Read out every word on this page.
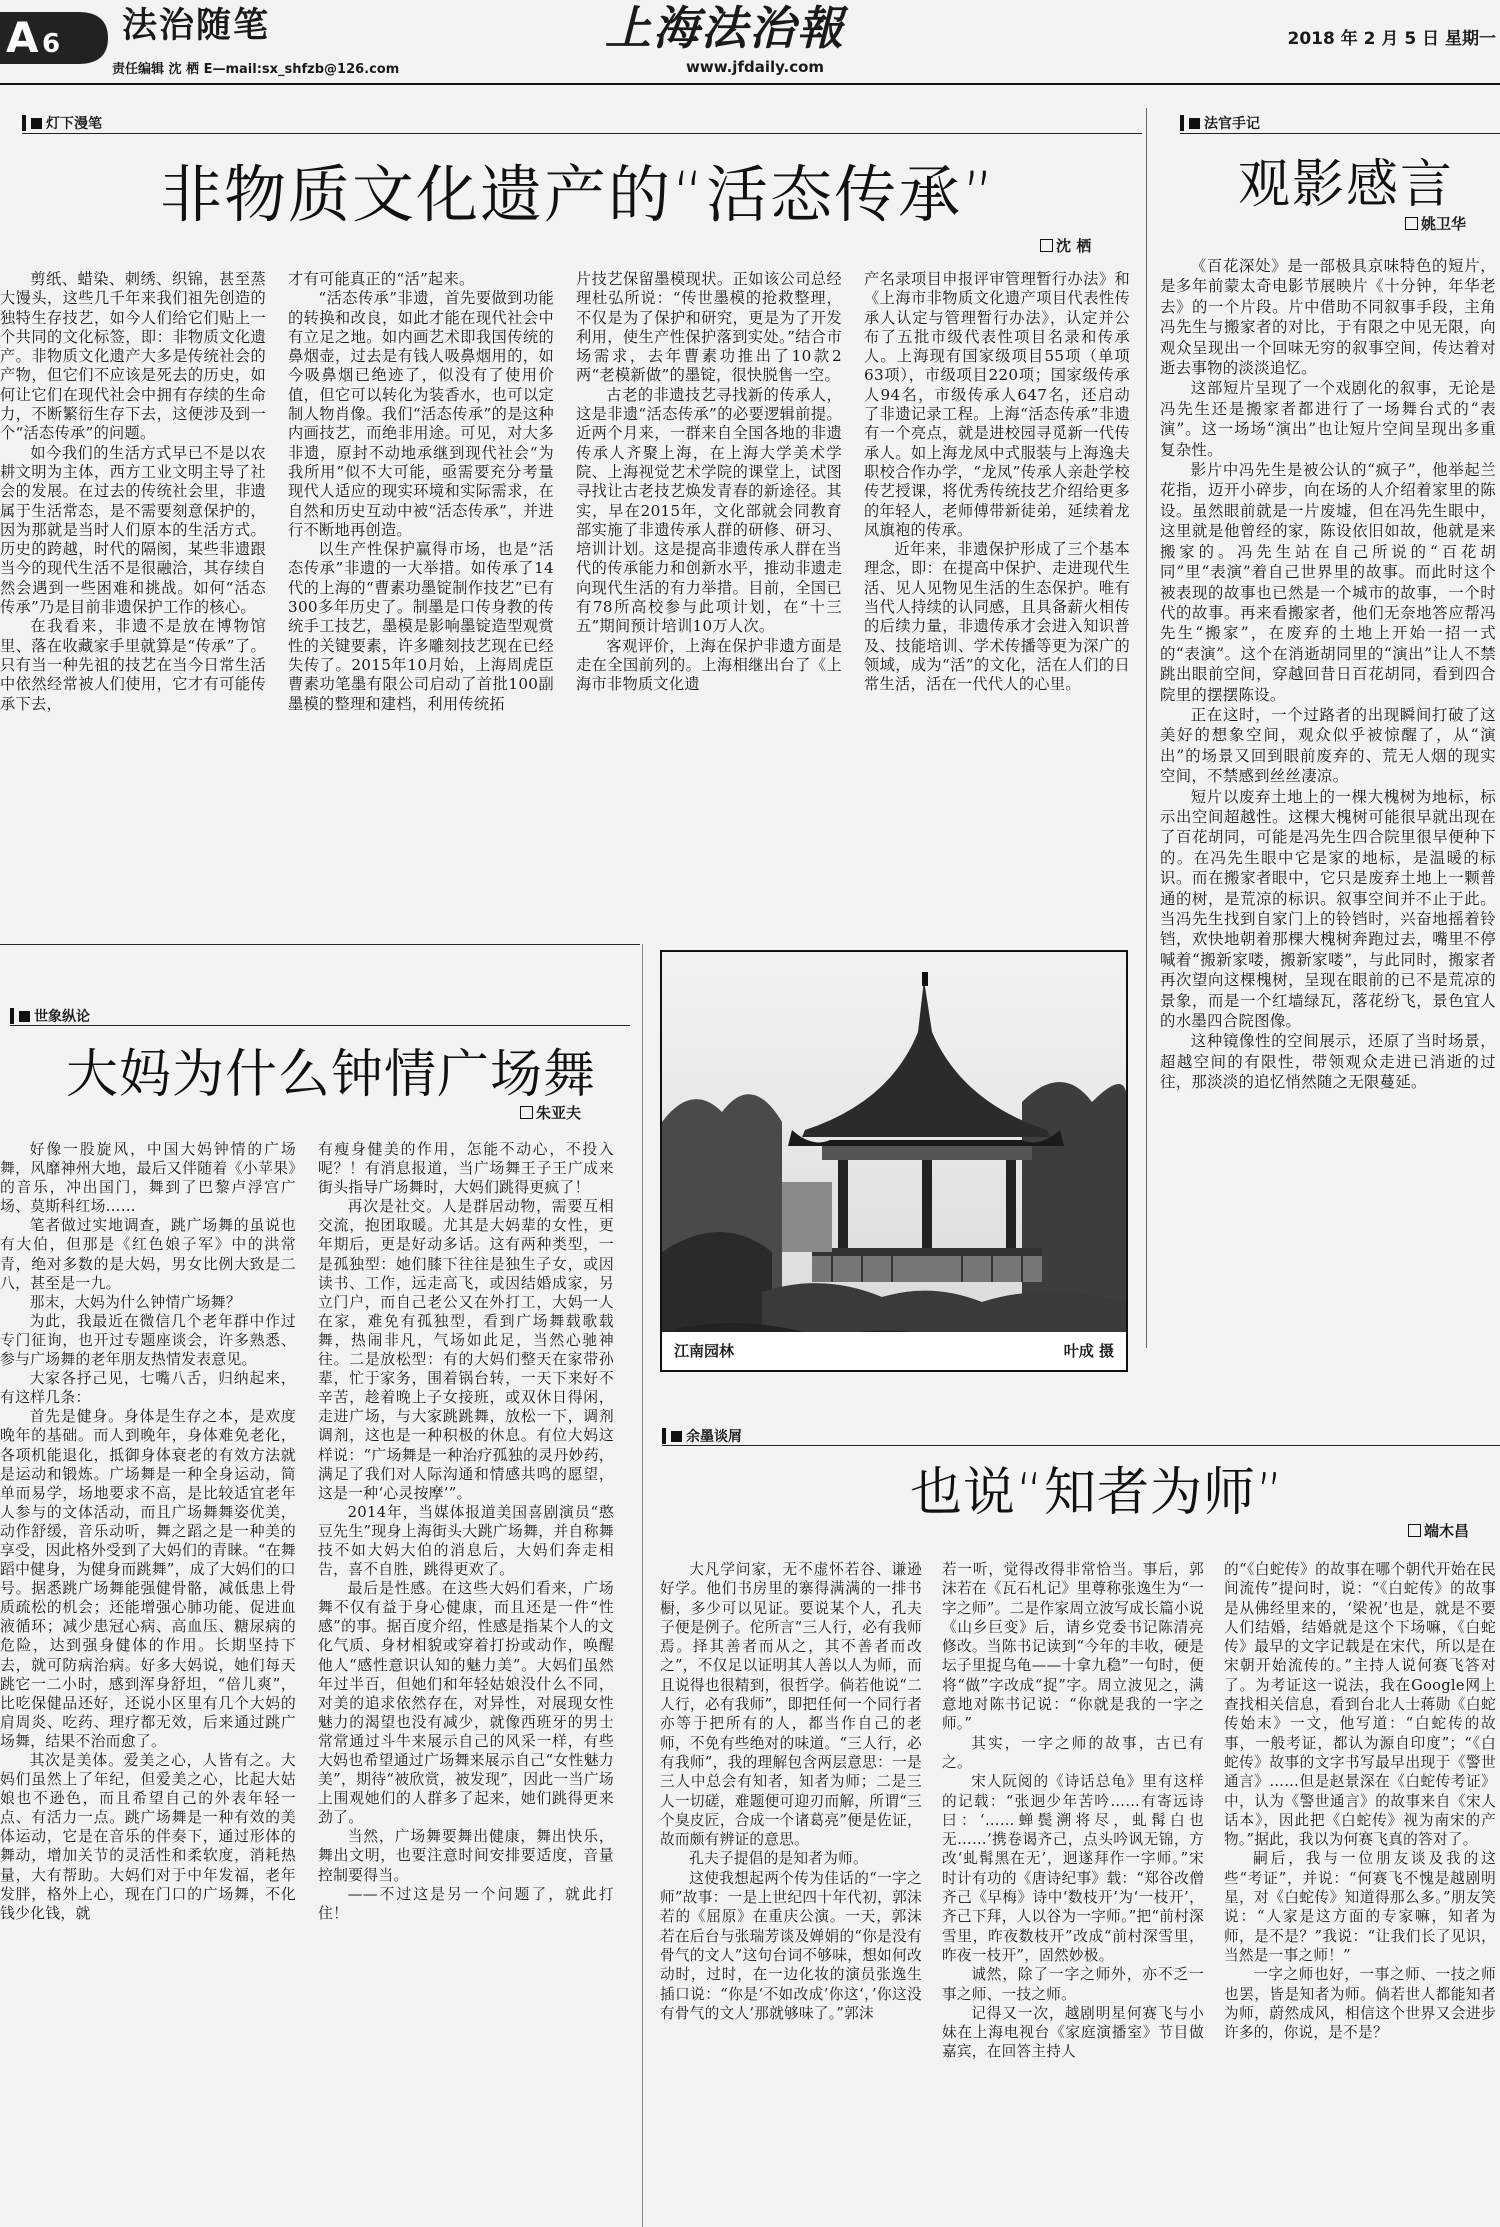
A 6 法治随笔
责任编辑 沈 栖 E—mail:sx_shfzb@126.com
上海法治報
www.jfdaily.com
2018 年 2 月 5 日 星期一
灯下漫笔
非物质文化遗产的“活态传承”
沈 栖

剪纸、蜡染、刺绣、织锦，甚至蒸大馒头，这些几千年来我们祖先创造的独特生存技艺，如今人们给它们贴上一个共同的文化标签，即：非物质文化遗产。非物质文化遗产大多是传统社会的产物，但它们不应该是死去的历史，如何让它们在现代社会中拥有存续的生命力，不断繁衍生存下去，这便涉及到一个“活态传承”的问题。

如今我们的生活方式早已不是以农耕文明为主体，西方工业文明主导了社会的发展。在过去的传统社会里，非遗属于生活常态，是不需要刻意保护的，因为那就是当时人们原本的生活方式。历史的跨越，时代的隔阂，某些非遗跟当今的现代生活不是很融洽，其存续自然会遇到一些困难和挑战。如何“活态传承”乃是目前非遗保护工作的核心。

在我看来，非遗不是放在博物馆里、落在收藏家手里就算是“传承”了。只有当一种先祖的技艺在当今日常生活中依然经常被人们使用，它才有可能传承下去，

才有可能真正的“活”起来。

“活态传承”非遗，首先要做到功能的转换和改良，如此才能在现代社会中有立足之地。如内画艺术即我国传统的鼻烟壶，过去是有钱人吸鼻烟用的，如今吸鼻烟已绝迹了，似没有了使用价值，但它可以转化为装香水，也可以定制人物肖像。我们“活态传承”的是这种内画技艺，而绝非用途。可见，对大多非遗，原封不动地承继到现代社会“为我所用”似不大可能，亟需要充分考量现代人适应的现实环境和实际需求，在自然和历史互动中被“活态传承”，并进行不断地再创造。

以生产性保护赢得市场，也是“活态传承”非遗的一大举措。如传承了14代的上海的“曹素功墨锭制作技艺”已有300多年历史了。制墨是口传身教的传统手工技艺，墨模是影响墨锭造型观赏性的关键要素，许多雕刻技艺现在已经失传了。2015年10月始，上海周虎臣曹素功笔墨有限公司启动了首批100副墨模的整理和建档，利用传统拓

片技艺保留墨模现状。正如该公司总经理杜弘所说：“传世墨模的抢救整理，不仅是为了保护和研究，更是为了开发利用，使生产性保护落到实处。”结合市场需求，去年曹素功推出了10款2两“老模新做”的墨锭，很快脱售一空。

古老的非遗技艺寻找新的传承人，这是非遗“活态传承”的必要逻辑前提。近两个月来，一群来自全国各地的非遗传承人齐聚上海，在上海大学美术学院、上海视觉艺术学院的课堂上，试图寻找让古老技艺焕发青春的新途径。其实，早在2015年，文化部就会同教育部实施了非遗传承人群的研修、研习、培训计划。这是提高非遗传承人群在当代的传承能力和创新水平，推动非遗走向现代生活的有力举措。目前，全国已有78所高校参与此项计划，在“十三五”期间预计培训10万人次。

客观评价，上海在保护非遗方面是走在全国前列的。上海相继出台了《上海市非物质文化遗

产名录项目申报评审管理暂行办法》和《上海市非物质文化遗产项目代表性传承人认定与管理暂行办法》，认定并公布了五批市级代表性项目名录和传承人。上海现有国家级项目55项（单项63项），市级项目220项；国家级传承人94名，市级传承人647名，还启动了非遗记录工程。上海“活态传承”非遗有一个亮点，就是进校园寻觅新一代传承人。如上海龙凤中式服装与上海逸夫职校合作办学，“龙凤”传承人亲赴学校传艺授课，将优秀传统技艺介绍给更多的年轻人，老师傅带新徒弟，延续着龙凤旗袍的传承。

近年来，非遗保护形成了三个基本理念，即：在提高中保护、走进现代生活、见人见物见生活的生态保护。唯有当代人持续的认同感，且具备薪火相传的后续力量，非遗传承才会进入知识普及、技能培训、学术传播等更为深广的领域，成为“活”的文化，活在人们的日常生活，活在一代代人的心里。

法官手记
观影感言
姚卫华

《百花深处》是一部极具京味特色的短片，是多年前蒙太奇电影节展映片《十分钟，年华老去》的一个片段。片中借助不同叙事手段，主角冯先生与搬家者的对比，于有限之中见无限，向观众呈现出一个回味无穷的叙事空间，传达着对逝去事物的淡淡追忆。

这部短片呈现了一个戏剧化的叙事，无论是冯先生还是搬家者都进行了一场舞台式的“表演”。这一场场“演出”也让短片空间呈现出多重复杂性。

影片中冯先生是被公认的“疯子”，他举起兰花指，迈开小碎步，向在场的人介绍着家里的陈设。虽然眼前就是一片废墟，但在冯先生眼中，这里就是他曾经的家，陈设依旧如故，他就是来搬家的。冯先生站在自己所说的“百花胡同”里“表演”着自己世界里的故事。而此时这个被表现的故事也已然是一个城市的故事，一个时代的故事。再来看搬家者，他们无奈地答应帮冯先生“搬家”，在废弃的土地上开始一招一式的“表演”。这个在消逝胡同里的“演出”让人不禁跳出眼前空间，穿越回昔日百花胡同，看到四合院里的摆摆陈设。

正在这时，一个过路者的出现瞬间打破了这美好的想象空间，观众似乎被惊醒了，从“演出”的场景又回到眼前废弃的、荒无人烟的现实空间，不禁感到丝丝凄凉。

短片以废弃土地上的一棵大槐树为地标，标示出空间超越性。这棵大槐树可能很早就出现在了百花胡同，可能是冯先生四合院里很早便种下的。在冯先生眼中它是家的地标，是温暖的标识。而在搬家者眼中，它只是废弃土地上一颗普通的树，是荒凉的标识。叙事空间并不止于此。当冯先生找到自家门上的铃铛时，兴奋地摇着铃铛，欢快地朝着那棵大槐树奔跑过去，嘴里不停喊着“搬新家喽，搬新家喽”，与此同时，搬家者再次望向这棵槐树，呈现在眼前的已不是荒凉的景象，而是一个红墙绿瓦，落花纷飞，景色宜人的水墨四合院图像。

这种镜像性的空间展示，还原了当时场景，超越空间的有限性，带领观众走进已消逝的过往，那淡淡的追忆悄然随之无限蔓延。

世象纵论
大妈为什么钟情广场舞
朱亚夫

好像一股旋风，中国大妈钟情的广场舞，风靡神州大地，最后又伴随着《小苹果》的音乐，冲出国门，舞到了巴黎卢浮宫广场、莫斯科红场……

笔者做过实地调查，跳广场舞的虽说也有大伯，但那是《红色娘子军》中的洪常青，绝对多数的是大妈，男女比例大致是二八，甚至是一九。

那末，大妈为什么钟情广场舞？

为此，我最近在微信几个老年群中作过专门征询，也开过专题座谈会，许多熟悉、参与广场舞的老年朋友热情发表意见。

大家各抒己见，七嘴八舌，归纳起来，有这样几条：

首先是健身。身体是生存之本，是欢度晚年的基础。而人到晚年，身体难免老化，各项机能退化，抵御身体衰老的有效方法就是运动和锻炼。广场舞是一种全身运动，简单而易学，场地要求不高，是比较适宜老年人参与的文体活动，而且广场舞舞姿优美，动作舒缓，音乐动听，舞之蹈之是一种美的享受，因此格外受到了大妈们的青睐。“在舞蹈中健身，为健身而跳舞”，成了大妈们的口号。据悉跳广场舞能强健骨骼，减低患上骨质疏松的机会；还能增强心肺功能、促进血液循环；减少患冠心病、高血压、糖尿病的危险，达到强身健体的作用。长期坚持下去，就可防病治病。好多大妈说，她们每天跳它一二小时，感到浑身舒坦，“倍儿爽”，比吃保健品还好，还说小区里有几个大妈的肩周炎、吃药、理疗都无效，后来通过跳广场舞，结果不治而愈了。

其次是美体。爱美之心，人皆有之。大妈们虽然上了年纪，但爱美之心，比起大姑娘也不逊色，而且希望自己的外表年轻一点、有活力一点。跳广场舞是一种有效的美体运动，它是在音乐的伴奏下，通过形体的舞动，增加关节的灵活性和柔软度，消耗热量，大有帮助。大妈们对于中年发福，老年发胖，格外上心，现在门口的广场舞，不化钱少化钱，就

有瘦身健美的作用，怎能不动心，不投入呢？！有消息报道，当广场舞王子王广成来街头指导广场舞时，大妈们跳得更疯了！

再次是社交。人是群居动物，需要互相交流，抱团取暖。尤其是大妈辈的女性，更年期后，更是好动多话。这有两种类型，一是孤独型：她们膝下往往是独生子女，或因读书、工作，远走高飞，或因结婚成家，另立门户，而自己老公又在外打工，大妈一人在家，难免有孤独型，看到广场舞载歌载舞，热闹非凡，气场如此足，当然心驰神往。二是放松型：有的大妈们整天在家带孙辈，忙于家务，围着锅台转，一天下来好不辛苦，趁着晚上子女接班，或双休日得闲，走进广场，与大家跳跳舞，放松一下，调剂调剂，这也是一种积极的休息。有位大妈这样说：“广场舞是一种治疗孤独的灵丹妙药，满足了我们对人际沟通和情感共鸣的愿望，这是一种‘心灵按摩’”。

2014年，当媒体报道美国喜剧演员“憨豆先生”现身上海街头大跳广场舞，并自称舞技不如大妈大伯的消息后，大妈们奔走相告，喜不自胜，跳得更欢了。

最后是性感。在这些大妈们看来，广场舞不仅有益于身心健康，而且还是一件“性感”的事。据百度介绍，性感是指某个人的文化气质、身材相貌或穿着打扮或动作，唤醒他人“感性意识认知的魅力美”。大妈们虽然年过半百，但她们和年轻姑娘没什么不同，对美的追求依然存在，对异性，对展现女性魅力的渴望也没有减少，就像西班牙的男士常常通过斗牛来展示自己的风采一样，有些大妈也希望通过广场舞来展示自己“女性魅力美”，期待“被欣赏，被发现”，因此一当广场上围观她们的人群多了起来，她们跳得更来劲了。

当然，广场舞要舞出健康，舞出快乐，舞出文明，也要注意时间安排要适度，音量控制要得当。

——不过这是另一个问题了，就此打住！

江南园林	叶成 摄
余墨谈屑
也说“知者为师”
端木昌

大凡学问家，无不虚怀若谷、谦逊好学。他们书房里的寨得满满的一排书橱，多少可以见证。要说某个人，孔夫子便是例子。佗所言“三人行，必有我师焉。择其善者而从之，其不善者而改之”，不仅足以证明其人善以人为师，而且说得也很精到，很哲学。倘若他说“二人行，必有我师”，即把任何一个同行者亦等于把所有的人，都当作自己的老师，不免有些绝对的味道。“三人行，必有我师”，我的理解包含两层意思：一是三人中总会有知者，知者为师；二是三人一切磋，难题便可迎刃而解，所谓“三个臭皮匠，合成一个诸葛亮”便是佐证，故而颇有辨证的意思。

孔夫子提倡的是知者为师。

这使我想起两个传为佳话的“一字之师”故事：一是上世纪四十年代初，郭沫若的《屈原》在重庆公演。一天，郭沫若在后台与张瑞芳谈及婵娟的“你是没有骨气的文人”这句台词不够味，想如何改动时，过时，在一边化妆的演员张逸生插口说：“你是‘不如改成’你这‘，’你这没有骨气的文人’那就够味了。”郭沫

若一听，觉得改得非常恰当。事后，郭沫若在《瓦石札记》里尊称张逸生为“一字之师”。二是作家周立波写成长篇小说《山乡巨变》后，请乡党委书记陈清亮修改。当陈书记读到“今年的丰收，硬是坛子里捉乌龟——十拿九稳”一句时，便将“做”字改成“捉”字。周立波见之，满意地对陈书记说：“你就是我的一字之师。”

其实，一字之师的故事，古已有之。

宋人阮阅的《诗话总龟》里有这样的记载：“张迥少年苦吟……有寄远诗曰：‘……蝉鬓溯将尽，虬髯白也无……’携卷谒齐己，点头吟讽无锦，方改‘虬髯黑在无’，迥遂拜作一字师。”宋时计有功的《唐诗纪事》载：“郑谷改僧齐己《早梅》诗中‘数枝开’为‘一枝开’，齐己下拜，人以谷为一字师。”把“前村深雪里，昨夜数枝开”改成“前村深雪里，昨夜一枝开”，固然妙极。

诚然，除了一字之师外，亦不乏一事之师、一技之师。

记得又一次，越剧明星何赛飞与小妹在上海电视台《家庭演播室》节目做嘉宾，在回答主持人

的“《白蛇传》的故事在哪个朝代开始在民间流传”提问时，说：“《白蛇传》的故事是从佛经里来的，‘梁祝’也是，就是不要人们结婚，结婚就是这个下场嘛，《白蛇传》最早的文字记载是在宋代，所以是在宋朝开始流传的。”主持人说何赛飞答对了。为考证这一说法，我在Google网上查找相关信息，看到台北人士蒋勋《白蛇传始末》一文，他写道：“白蛇传的故事，一般考证，都认为源自印度”；“《白蛇传》故事的文字书写最早出现于《警世通言》……但是赵景深在《白蛇传考证》中，认为《警世通言》的故事来自《宋人话本》，因此把《白蛇传》视为南宋的产物。”据此，我以为何赛飞真的答对了。

嗣后，我与一位朋友谈及我的这些“考证”，并说：“何赛飞不愧是越剧明星，对《白蛇传》知道得那么多。”朋友笑说：“人家是这方面的专家嘛，知者为师，是不是？”我说：“让我们长了见识，当然是一事之师！”

一字之师也好，一事之师、一技之师也罢，皆是知者为师。倘若世人都能知者为师，蔚然成风，相信这个世界又会进步许多的，你说，是不是？
